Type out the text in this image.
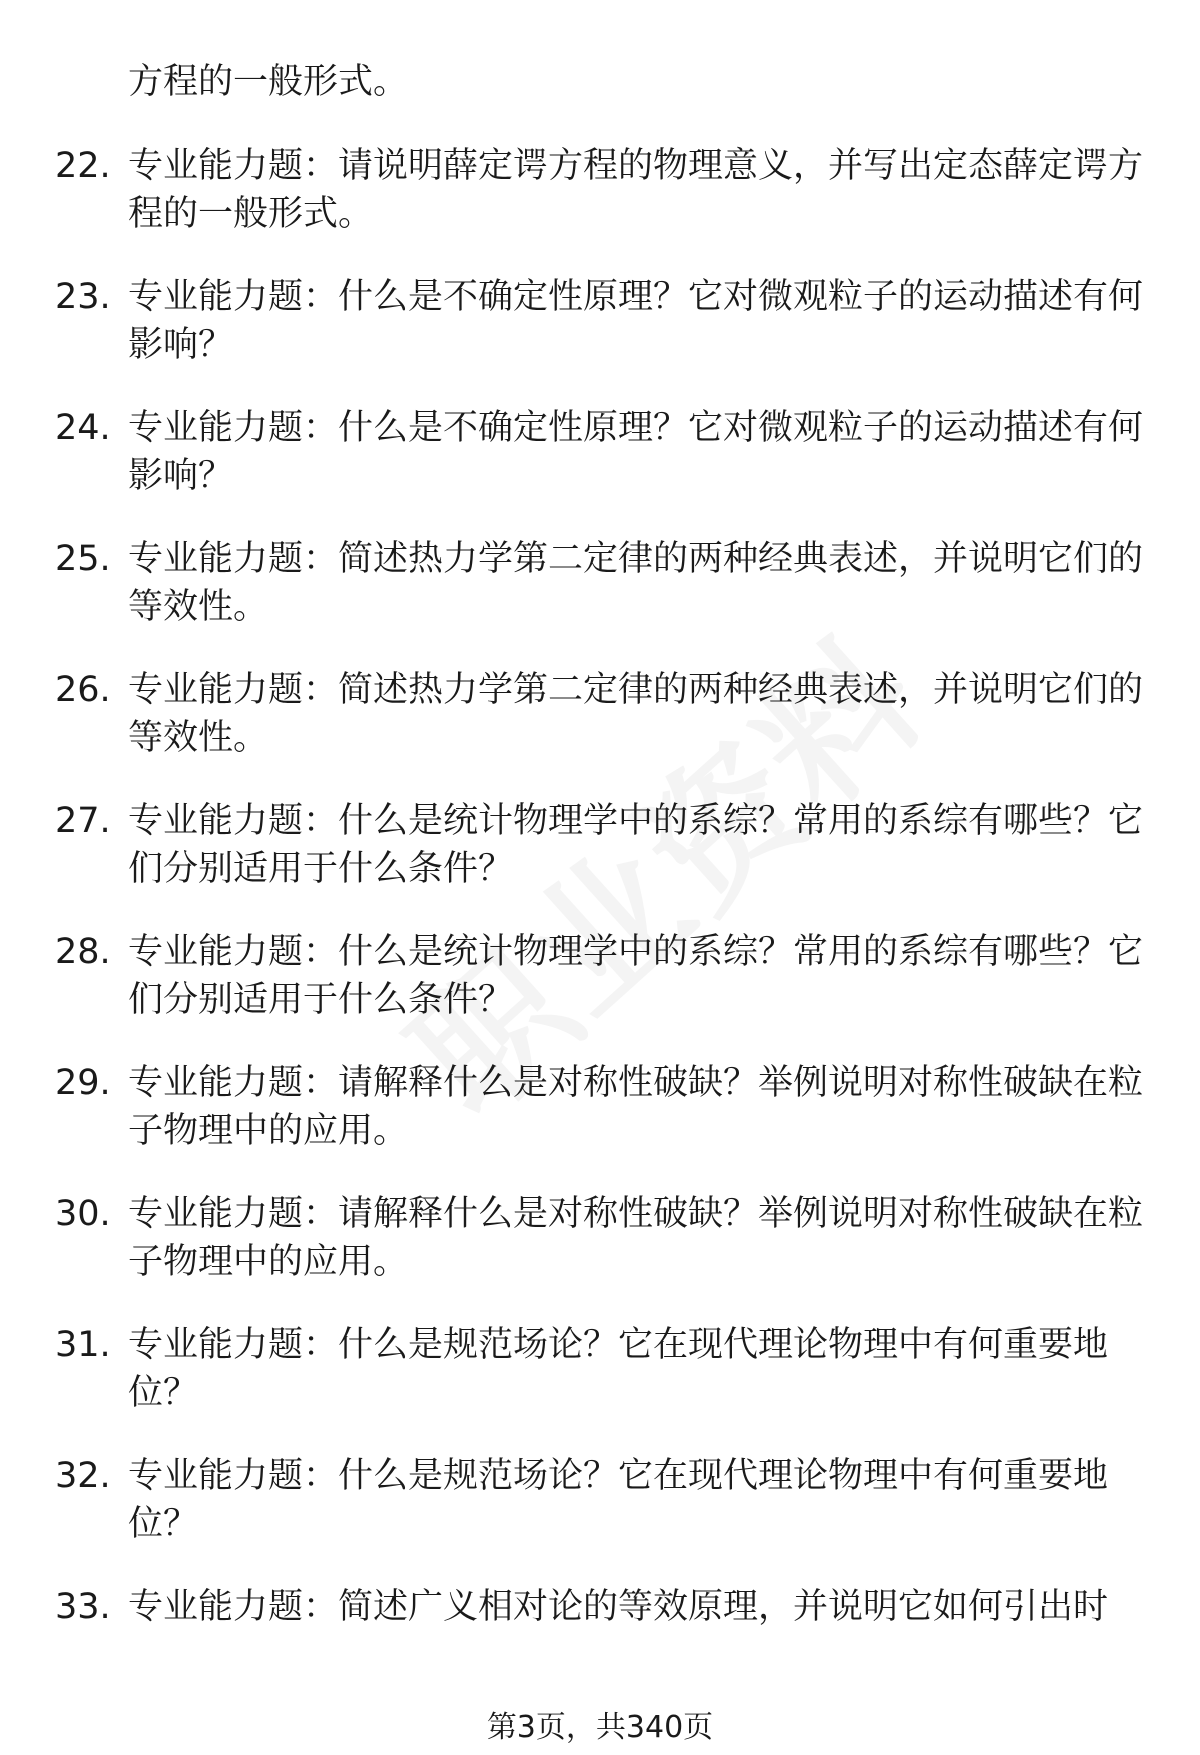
方程的一般形式。
22. 专业能力题：请说明薛定谔方程的物理意义，并写出定态薛定谔方程的一般形式。
23. 专业能力题：什么是不确定性原理？它对微观粒子的运动描述有何影响？
24. 专业能力题：什么是不确定性原理？它对微观粒子的运动描述有何影响？
25. 专业能力题：简述热力学第二定律的两种经典表述，并说明它们的等效性。
26. 专业能力题：简述热力学第二定律的两种经典表述，并说明它们的等效性。
27. 专业能力题：什么是统计物理学中的系综？常用的系综有哪些？它们分别适用于什么条件？
28. 专业能力题：什么是统计物理学中的系综？常用的系综有哪些？它们分别适用于什么条件？
29. 专业能力题：请解释什么是对称性破缺？举例说明对称性破缺在粒子物理中的应用。
30. 专业能力题：请解释什么是对称性破缺？举例说明对称性破缺在粒子物理中的应用。
31. 专业能力题：什么是规范场论？它在现代理论物理中有何重要地位？
32. 专业能力题：什么是规范场论？它在现代理论物理中有何重要地位？
33. 专业能力题：简述广义相对论的等效原理，并说明它如何引出时
第3页，共340页
